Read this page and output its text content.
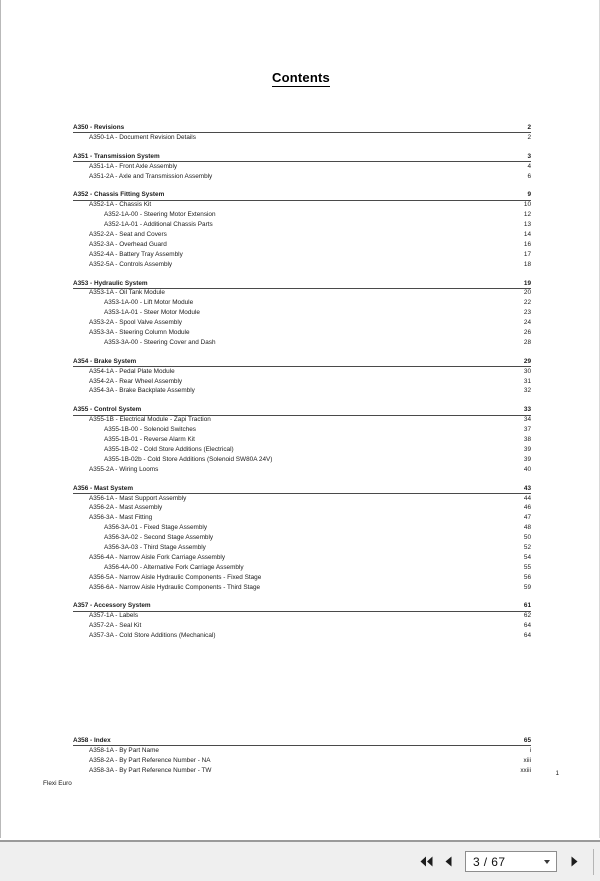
Contents
A350 - Revisions	2
A350-1A - Document Revision Details	2
A351 - Transmission System	3
A351-1A - Front Axle Assembly	4
A351-2A - Axle and Transmission Assembly	6
A352 - Chassis Fitting System	9
A352-1A - Chassis Kit	10
A352-1A-00 - Steering Motor Extension	12
A352-1A-01 - Additional Chassis Parts	13
A352-2A - Seat and Covers	14
A352-3A - Overhead Guard	16
A352-4A - Battery Tray Assembly	17
A352-5A - Controls Assembly	18
A353 - Hydraulic System	19
A353-1A - Oil Tank Module	20
A353-1A-00 - Lift Motor Module	22
A353-1A-01 - Steer Motor Module	23
A353-2A - Spool Valve Assembly	24
A353-3A - Steering Column Module	26
A353-3A-00 - Steering Cover and Dash	28
A354 - Brake System	29
A354-1A - Pedal Plate Module	30
A354-2A - Rear Wheel Assembly	31
A354-3A - Brake Backplate Assembly	32
A355 - Control System	33
A355-1B - Electrical Module - Zapi Traction	34
A355-1B-00 - Solenoid Switches	37
A355-1B-01 - Reverse Alarm Kit	38
A355-1B-02 - Cold Store Additions (Electrical)	39
A355-1B-02b - Cold Store Additions (Solenoid SW80A 24V)	39
A355-2A - Wiring Looms	40
A356 - Mast System	43
A356-1A - Mast Support Assembly	44
A356-2A - Mast Assembly	46
A356-3A - Mast Fitting	47
A356-3A-01 - Fixed Stage Assembly	48
A356-3A-02 - Second Stage Assembly	50
A356-3A-03 - Third Stage Assembly	52
A356-4A - Narrow Aisle Fork Carriage Assembly	54
A356-4A-00 - Alternative Fork Carriage Assembly	55
A356-5A - Narrow Aisle Hydraulic Components - Fixed Stage	56
A356-6A - Narrow Aisle Hydraulic Components - Third Stage	59
A357 - Accessory System	61
A357-1A - Labels	62
A357-2A - Seal Kit	64
A357-3A - Cold Store Additions (Mechanical)	64
A358 - Index	65
A358-1A - By Part Name	i
A358-2A - By Part Reference Number - NA	xiii
A358-3A - By Part Reference Number - TW	xxiii
Flexi Euro
1
3 / 67
